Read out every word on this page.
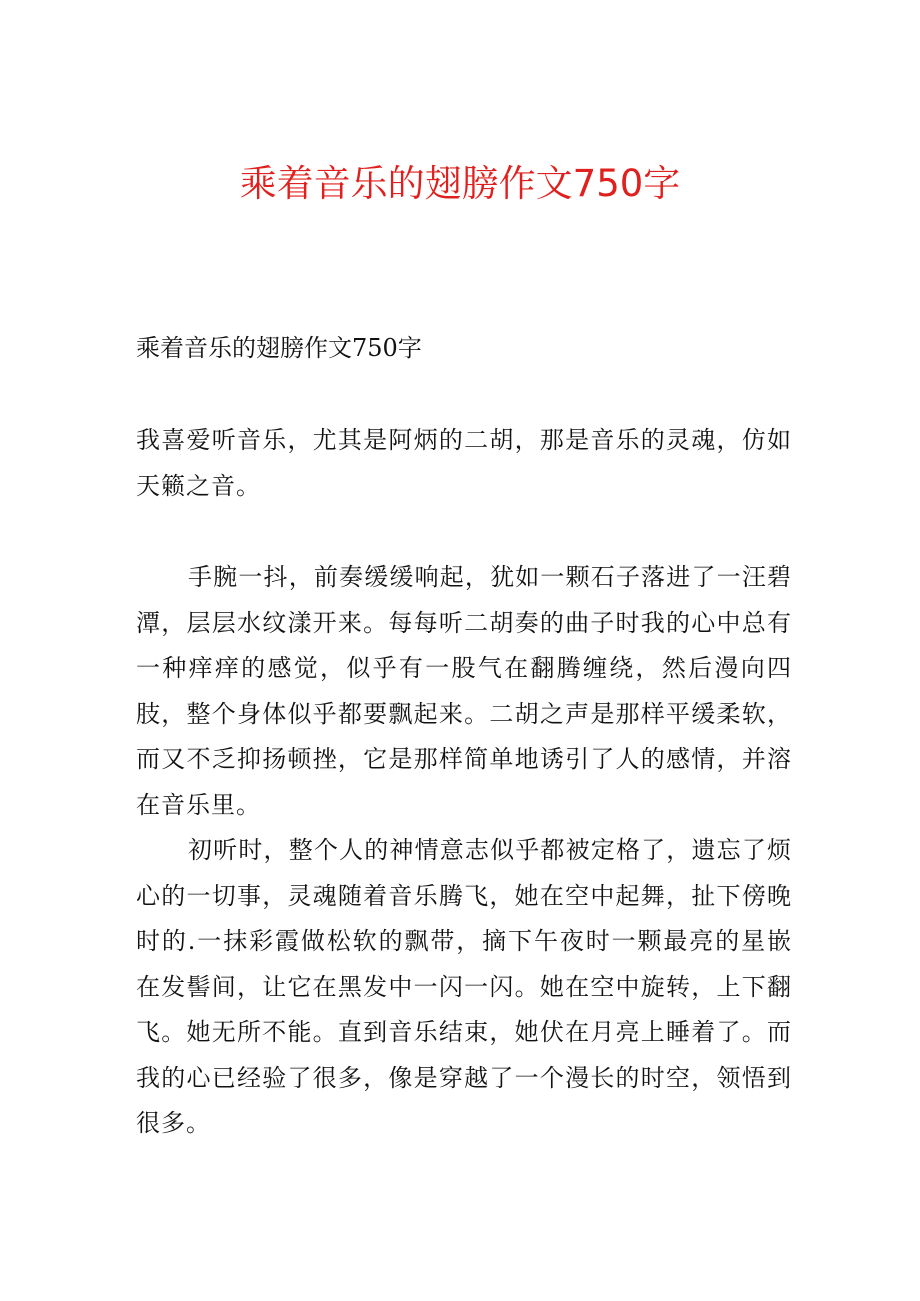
乘着音乐的翅膀作文750字

乘着音乐的翅膀作文750字

我喜爱听音乐，尤其是阿炳的二胡，那是音乐的灵魂，仿如天籁之音。

手腕一抖，前奏缓缓响起，犹如一颗石子落进了一汪碧潭，层层水纹漾开来。每每听二胡奏的曲子时我的心中总有一种痒痒的感觉，似乎有一股气在翻腾缠绕，然后漫向四肢，整个身体似乎都要飘起来。二胡之声是那样平缓柔软，而又不乏抑扬顿挫，它是那样简单地诱引了人的感情，并溶在音乐里。

初听时，整个人的神情意志似乎都被定格了，遗忘了烦心的一切事，灵魂随着音乐腾飞，她在空中起舞，扯下傍晚时的.一抹彩霞做松软的飘带，摘下午夜时一颗最亮的星嵌在发髻间，让它在黑发中一闪一闪。她在空中旋转，上下翻飞。她无所不能。直到音乐结束，她伏在月亮上睡着了。而我的心已经验了很多，像是穿越了一个漫长的时空，领悟到很多。
